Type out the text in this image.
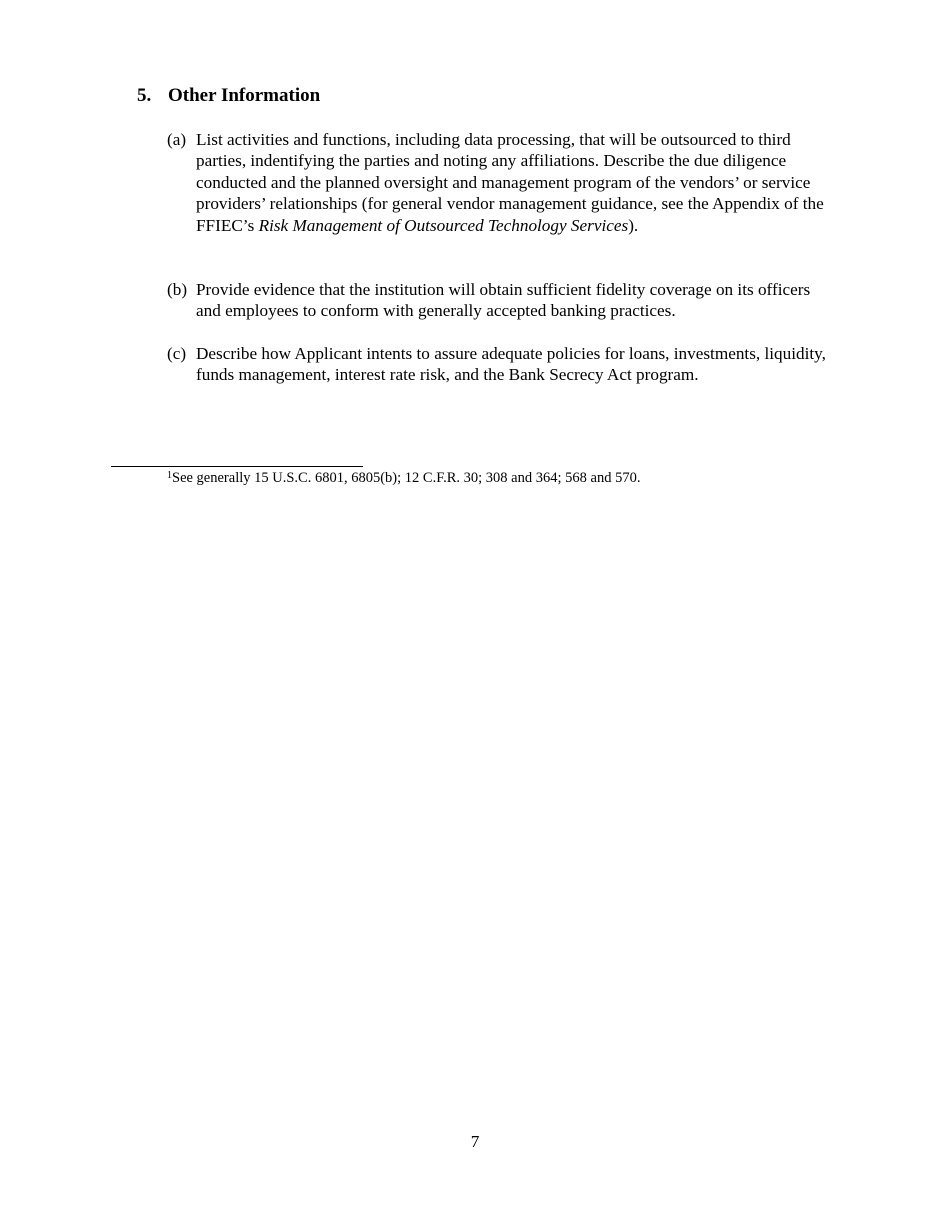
5. Other Information
(a) List activities and functions, including data processing, that will be outsourced to third parties, indentifying the parties and noting any affiliations. Describe the due diligence conducted and the planned oversight and management program of the vendors’ or service providers’ relationships (for general vendor management guidance, see the Appendix of the FFIEC’s Risk Management of Outsourced Technology Services).
(b) Provide evidence that the institution will obtain sufficient fidelity coverage on its officers and employees to conform with generally accepted banking practices.
(c) Describe how Applicant intents to assure adequate policies for loans, investments, liquidity, funds management, interest rate risk, and the Bank Secrecy Act program.
$^1$See generally 15 U.S.C. 6801, 6805(b); 12 C.F.R. 30; 308 and 364; 568 and 570.
7
